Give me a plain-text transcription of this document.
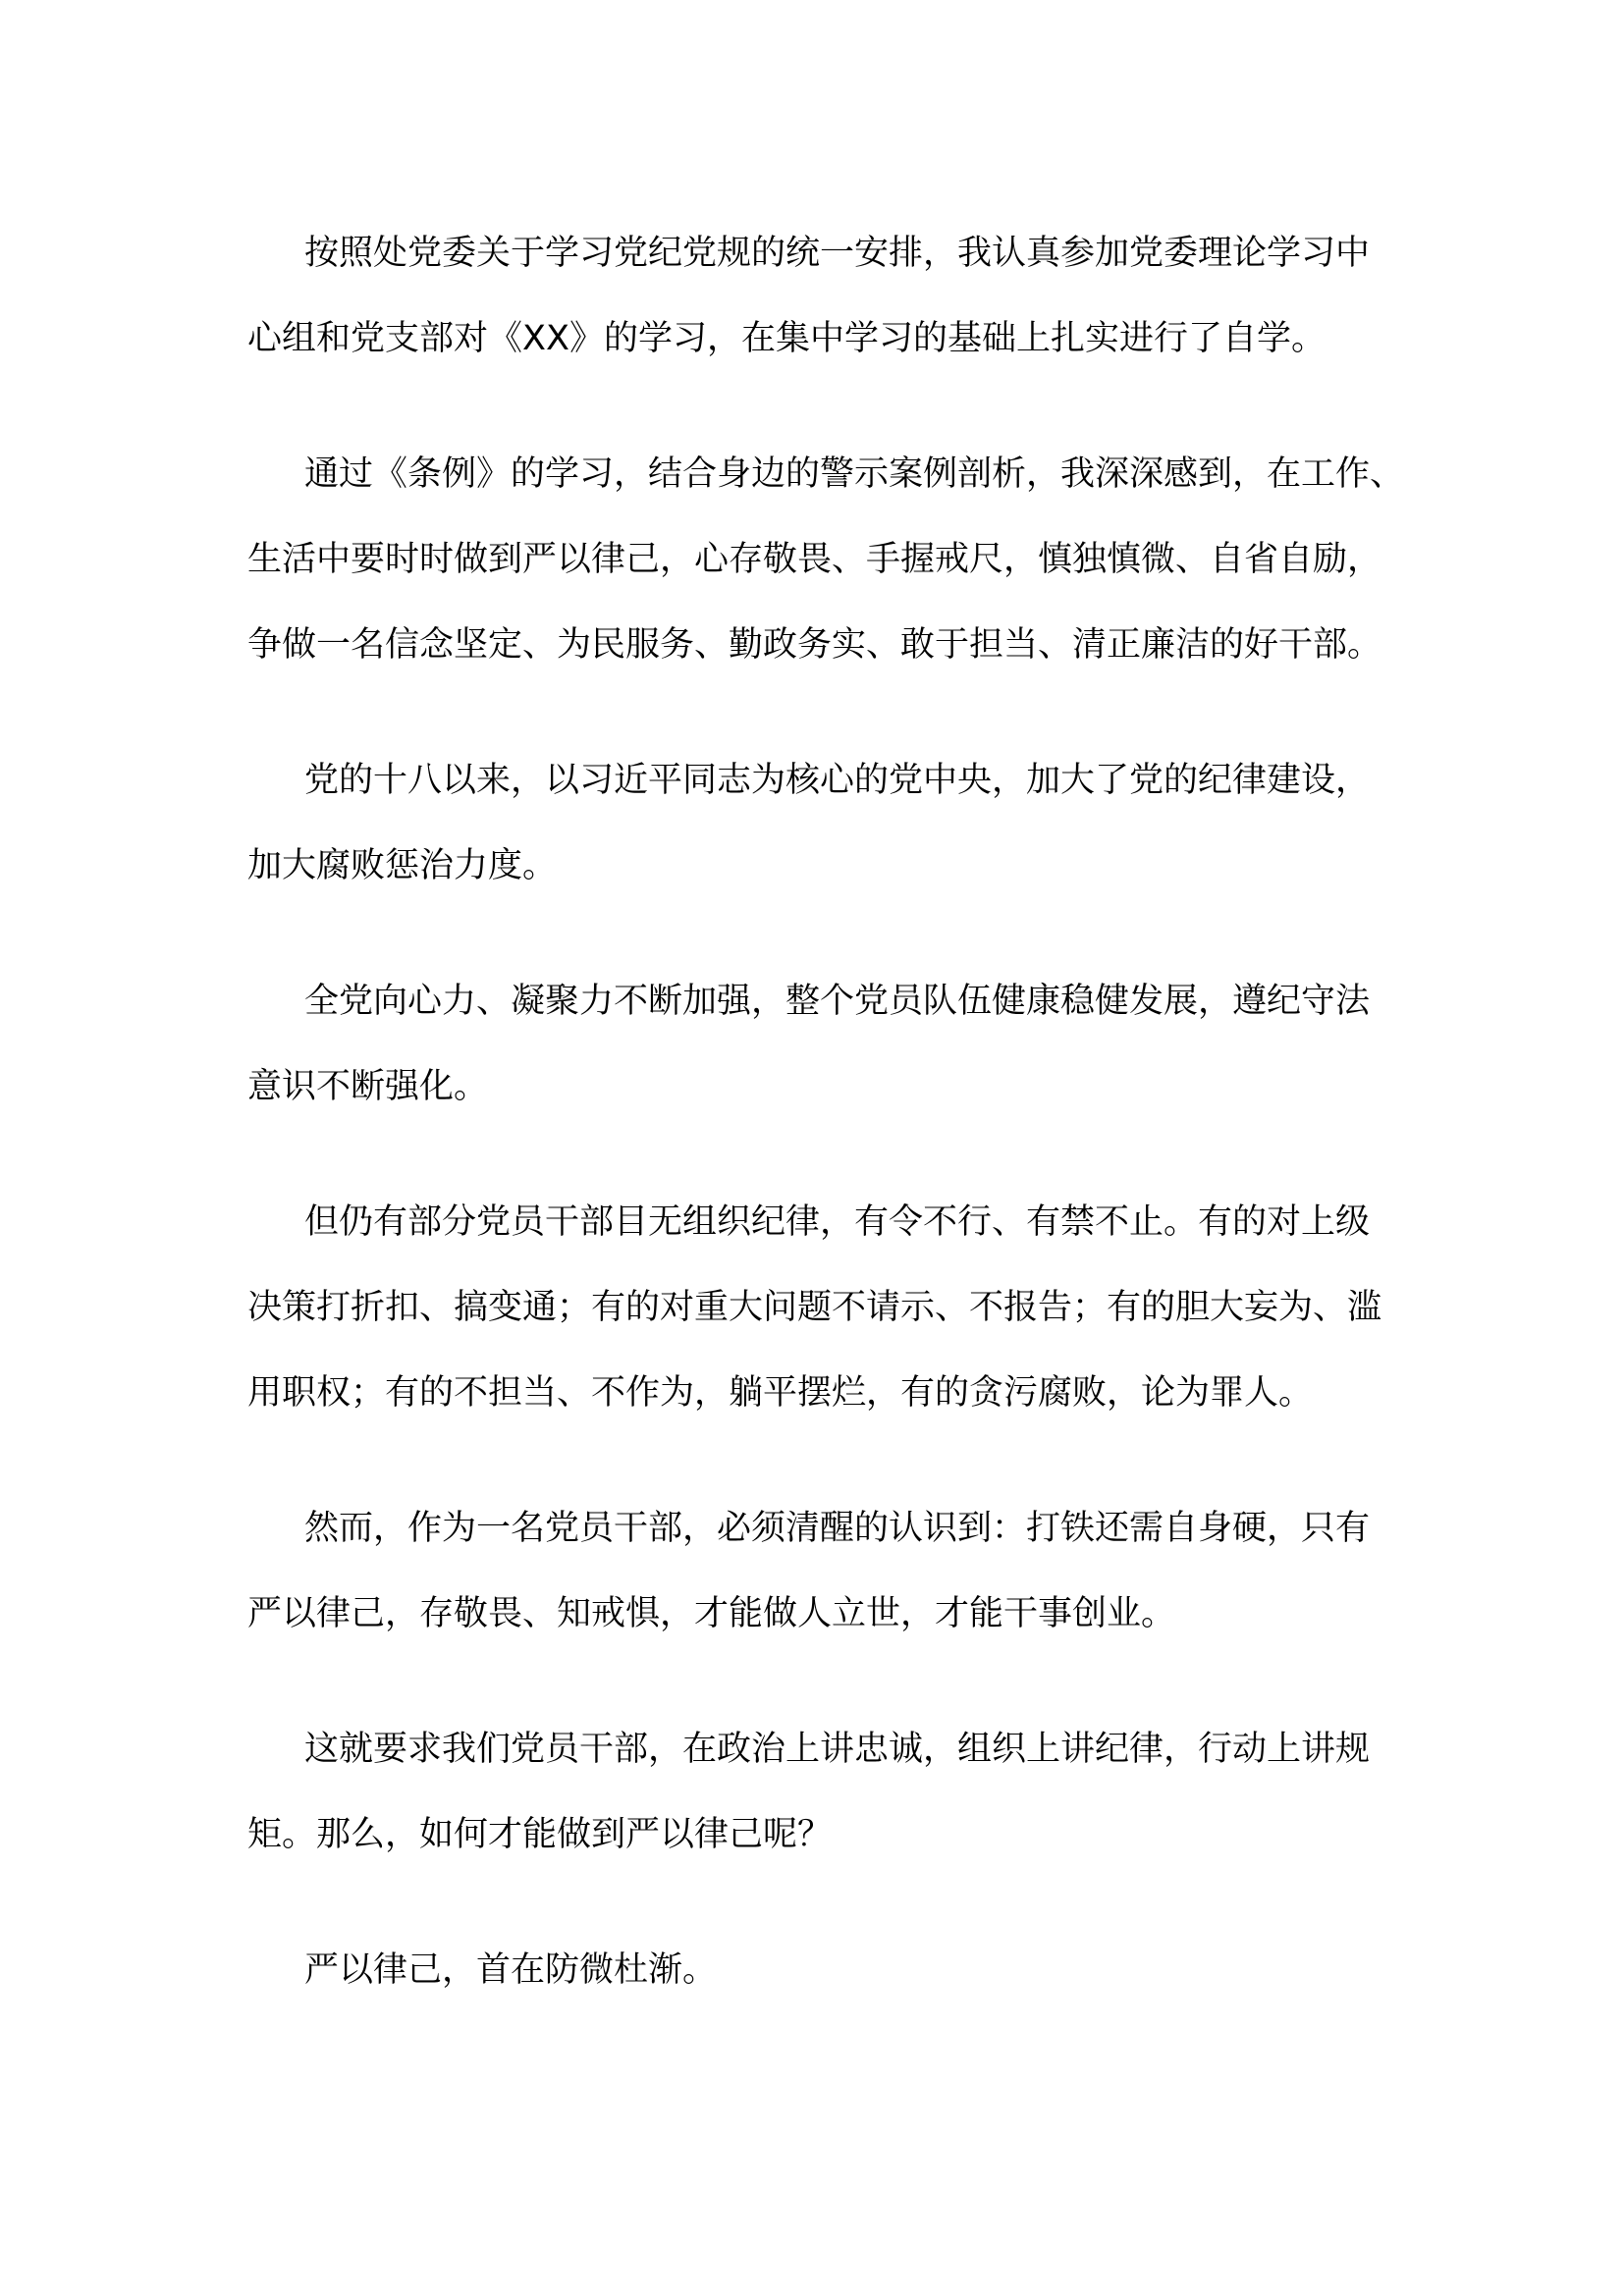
按照处党委关于学习党纪党规的统一安排，我认真参加党委理论学习中
心组和党支部对《XX》的学习，在集中学习的基础上扎实进行了自学。

通过《条例》的学习，结合身边的警示案例剖析，我深深感到，在工作、
生活中要时时做到严以律己，心存敬畏、手握戒尺，慎独慎微、自省自励，
争做一名信念坚定、为民服务、勤政务实、敢于担当、清正廉洁的好干部。

党的十八以来，以习近平同志为核心的党中央，加大了党的纪律建设，
加大腐败惩治力度。

全党向心力、凝聚力不断加强，整个党员队伍健康稳健发展，遵纪守法
意识不断强化。

但仍有部分党员干部目无组织纪律，有令不行、有禁不止。有的对上级
决策打折扣、搞变通；有的对重大问题不请示、不报告；有的胆大妄为、滥
用职权；有的不担当、不作为，躺平摆烂，有的贪污腐败，论为罪人。

然而，作为一名党员干部，必须清醒的认识到：打铁还需自身硬，只有
严以律己，存敬畏、知戒惧，才能做人立世，才能干事创业。

这就要求我们党员干部，在政治上讲忠诚，组织上讲纪律，行动上讲规
矩。那么，如何才能做到严以律己呢？

严以律己，首在防微杜渐。
